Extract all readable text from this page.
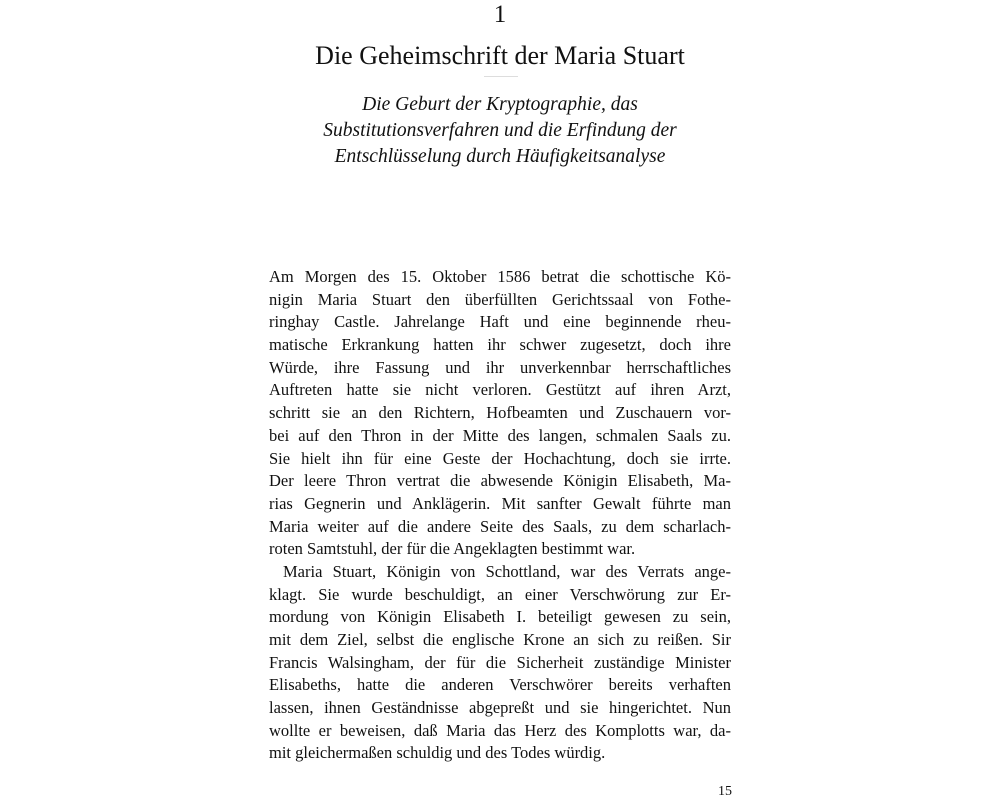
1
Die Geheimschrift der Maria Stuart
Die Geburt der Kryptographie, das
Substitutionsverfahren und die Erfindung der
Entschlüsselung durch Häufigkeitsanalyse
Am Morgen des 15. Oktober 1586 betrat die schottische Kö-
nigin Maria Stuart den überfüllten Gerichtssaal von Fothe-
ringhay Castle. Jahrelange Haft und eine beginnende rheu-
matische Erkrankung hatten ihr schwer zugesetzt, doch ihre
Würde, ihre Fassung und ihr unverkennbar herrschaftliches
Auftreten hatte sie nicht verloren. Gestützt auf ihren Arzt,
schritt sie an den Richtern, Hofbeamten und Zuschauern vor-
bei auf den Thron in der Mitte des langen, schmalen Saals zu.
Sie hielt ihn für eine Geste der Hochachtung, doch sie irrte.
Der leere Thron vertrat die abwesende Königin Elisabeth, Ma-
rias Gegnerin und Anklägerin. Mit sanfter Gewalt führte man
Maria weiter auf die andere Seite des Saals, zu dem scharlach-
roten Samtstuhl, der für die Angeklagten bestimmt war.
Maria Stuart, Königin von Schottland, war des Verrats ange-
klagt. Sie wurde beschuldigt, an einer Verschwörung zur Er-
mordung von Königin Elisabeth I. beteiligt gewesen zu sein,
mit dem Ziel, selbst die englische Krone an sich zu reißen. Sir
Francis Walsingham, der für die Sicherheit zuständige Minister
Elisabeths, hatte die anderen Verschwörer bereits verhaften
lassen, ihnen Geständnisse abgepreßt und sie hingerichtet. Nun
wollte er beweisen, daß Maria das Herz des Komplotts war, da-
mit gleichermaßen schuldig und des Todes würdig.
15
